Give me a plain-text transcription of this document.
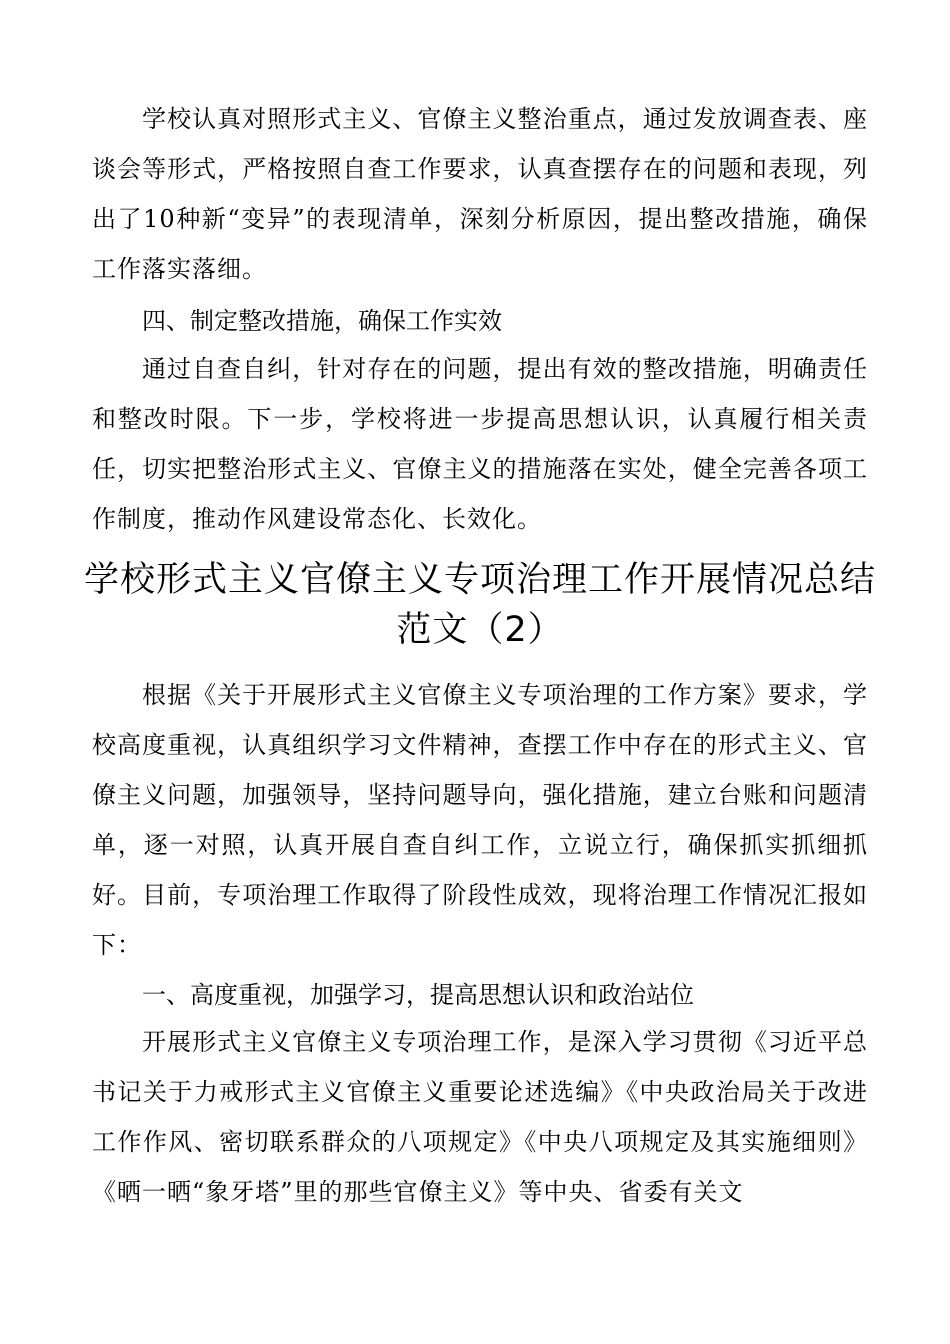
学校认真对照形式主义、官僚主义整治重点，通过发放调查表、座谈会等形式，严格按照自查工作要求，认真查摆存在的问题和表现，列出了10种新“变异”的表现清单，深刻分析原因，提出整改措施，确保工作落实落细。

四、制定整改措施，确保工作实效

通过自查自纠，针对存在的问题，提出有效的整改措施，明确责任和整改时限。下一步，学校将进一步提高思想认识，认真履行相关责任，切实把整治形式主义、官僚主义的措施落在实处，健全完善各项工作制度，推动作风建设常态化、长效化。

学校形式主义官僚主义专项治理工作开展情况总结范文（2）

根据《关于开展形式主义官僚主义专项治理的工作方案》要求，学校高度重视，认真组织学习文件精神，查摆工作中存在的形式主义、官僚主义问题，加强领导，坚持问题导向，强化措施，建立台账和问题清单，逐一对照，认真开展自查自纠工作，立说立行，确保抓实抓细抓好。目前，专项治理工作取得了阶段性成效，现将治理工作情况汇报如下：

一、高度重视，加强学习，提高思想认识和政治站位

开展形式主义官僚主义专项治理工作，是深入学习贯彻《习近平总书记关于力戒形式主义官僚主义重要论述选编》《中央政治局关于改进工作作风、密切联系群众的八项规定》《中央八项规定及其实施细则》《晒一晒“象牙塔”里的那些官僚主义》等中央、省委有关文
